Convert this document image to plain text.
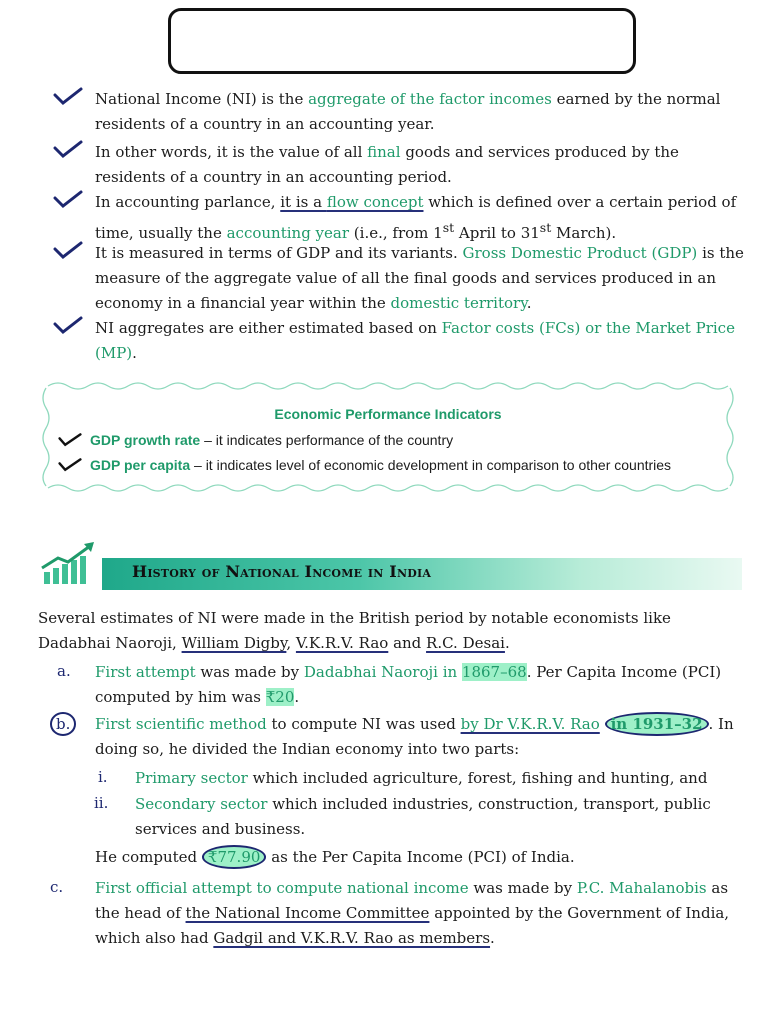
National Income (NI) is the aggregate of the factor incomes earned by the normal residents of a country in an accounting year.
In other words, it is the value of all final goods and services produced by the residents of a country in an accounting period.
In accounting parlance, it is a flow concept which is defined over a certain period of time, usually the accounting year (i.e., from 1st April to 31st March).
It is measured in terms of GDP and its variants. Gross Domestic Product (GDP) is the measure of the aggregate value of all the final goods and services produced in an economy in a financial year within the domestic territory.
NI aggregates are either estimated based on Factor costs (FCs) or the Market Price (MP).
Economic Performance Indicators
GDP growth rate – it indicates performance of the country
GDP per capita – it indicates level of economic development in comparison to other countries
History of National Income in India
Several estimates of NI were made in the British period by notable economists like Dadabhai Naoroji, William Digby, V.K.R.V. Rao and R.C. Desai.
a. First attempt was made by Dadabhai Naoroji in 1867–68. Per Capita Income (PCI) computed by him was ₹20.
b.	First scientific method to compute NI was used by Dr V.K.R.V. Rao in 1931–32 . In doing so, he divided the Indian economy into two parts:
i. Primary sector which included agriculture, forest, fishing and hunting, and
ii. Secondary sector which included industries, construction, transport, public services and business.
He computed ₹77.90 as the Per Capita Income (PCI) of India.
c. First official attempt to compute national income was made by P.C. Mahalanobis as the head of the National Income Committee appointed by the Government of India, which also had Gadgil and V.K.R.V. Rao as members.
